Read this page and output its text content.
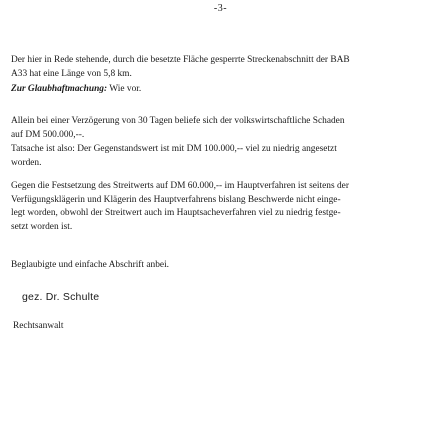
-3-

Der hier in Rede stehende, durch die besetzte Fläche gesperrte Streckenabschnitt der BAB

A33 hat eine Länge von 5,8 km.

Zur Glaubhaftmachung: Wie vor.

Allein bei einer Verzögerung von 30 Tagen beliefe sich der volkswirtschaftliche Schaden

auf DM 500.000,--.

Tatsache ist also: Der Gegenstandswert ist mit DM 100.000,-- viel zu niedrig angesetzt

worden.

Gegen die Festsetzung des Streitwerts auf DM 60.000,-- im Hauptverfahren ist seitens der

Verfügungsklägerin und Klägerin des Hauptverfahrens bislang Beschwerde nicht einge-

legt worden, obwohl der Streitwert auch im Hauptsacheverfahren viel zu niedrig festge-

setzt worden ist.

Beglaubigte und einfache Abschrift anbei.

gez. Dr. Schulte
Rechtsanwalt
